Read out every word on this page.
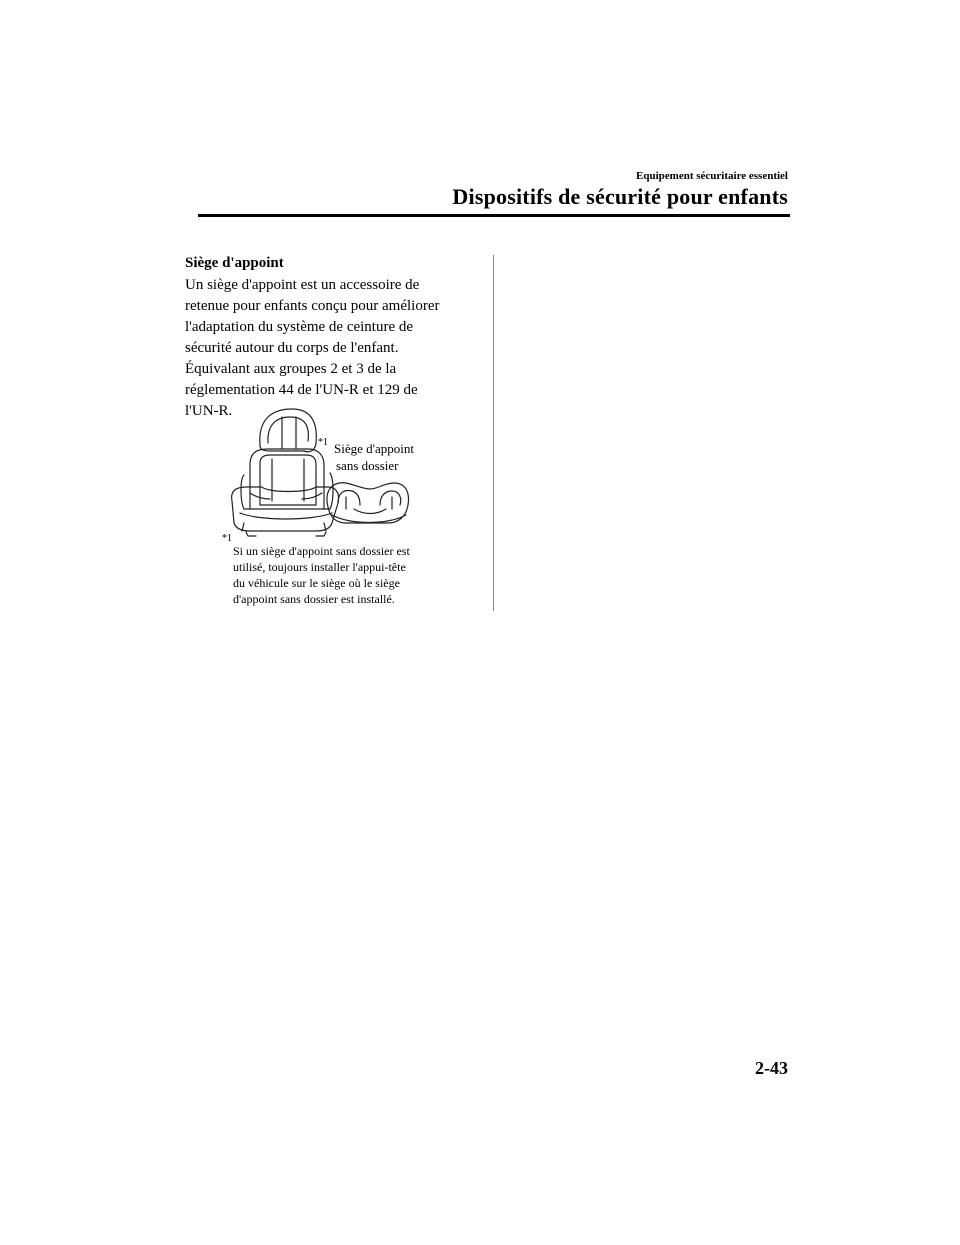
Equipement sécuritaire essentiel
Dispositifs de sécurité pour enfants
Siège d'appoint

Un siège d'appoint est un accessoire de

retenue pour enfants conçu pour améliorer

l'adaptation du système de ceinture de

sécurité autour du corps de l'enfant.

Équivalant aux groupes 2 et 3 de la

réglementation 44 de l'UN-R et 129 de

l'UN-R.

*1 Siège d'appoint
sans dossier
*1
Si un siège d'appoint sans dossier est
utilisé, toujours installer l'appui-tête
du véhicule sur le siège où le siège
d'appoint sans dossier est installé.
2-43
